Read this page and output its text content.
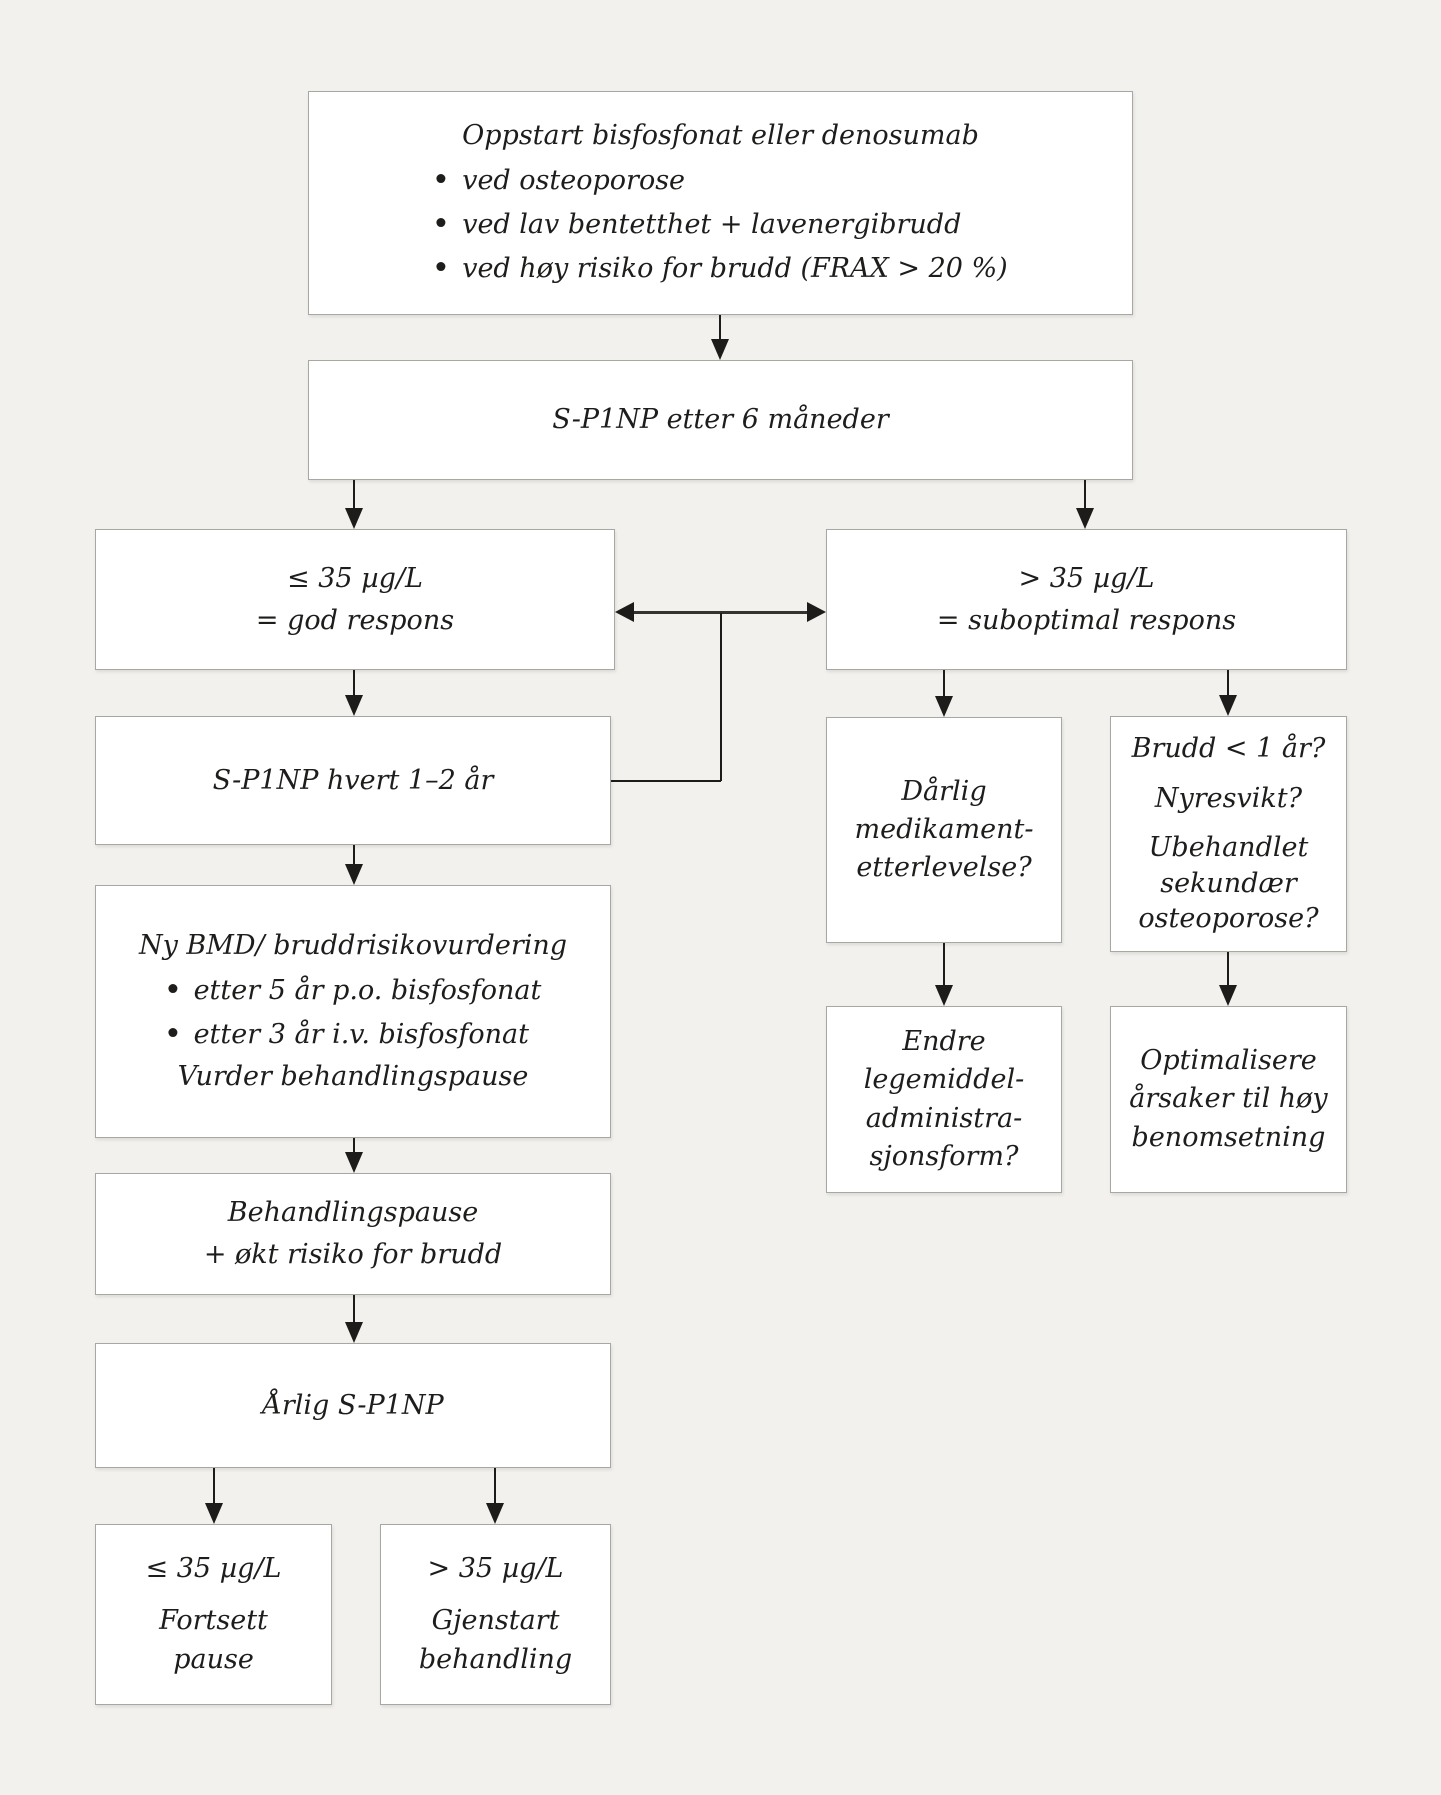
Oppstart bisfosfonat eller denosumab
• ved osteoporose
• ved lav bentetthet + lavenergibrudd
• ved høy risiko for brudd (FRAX > 20 %)
S-P1NP etter 6 måneder
≤ 35 µg/L
= god respons
> 35 µg/L
= suboptimal respons
S-P1NP hvert 1–2 år
Ny BMD/ bruddrisikovurdering
• etter 5 år p.o. bisfosfonat
• etter 3 år i.v. bisfosfonat
Vurder behandlingspause
Behandlingspause
+ økt risiko for brudd
Årlig S-P1NP
≤ 35 µg/L
Fortsett
pause
> 35 µg/L
Gjenstart
behandling
Dårlig
medikament-
etterlevelse?
Brudd < 1 år?
Nyresvikt?
Ubehandlet sekundær osteoporose?
Endre
legemiddel-
administra-
sjonsform?
Optimalisere
årsaker til høy
benomsetning
